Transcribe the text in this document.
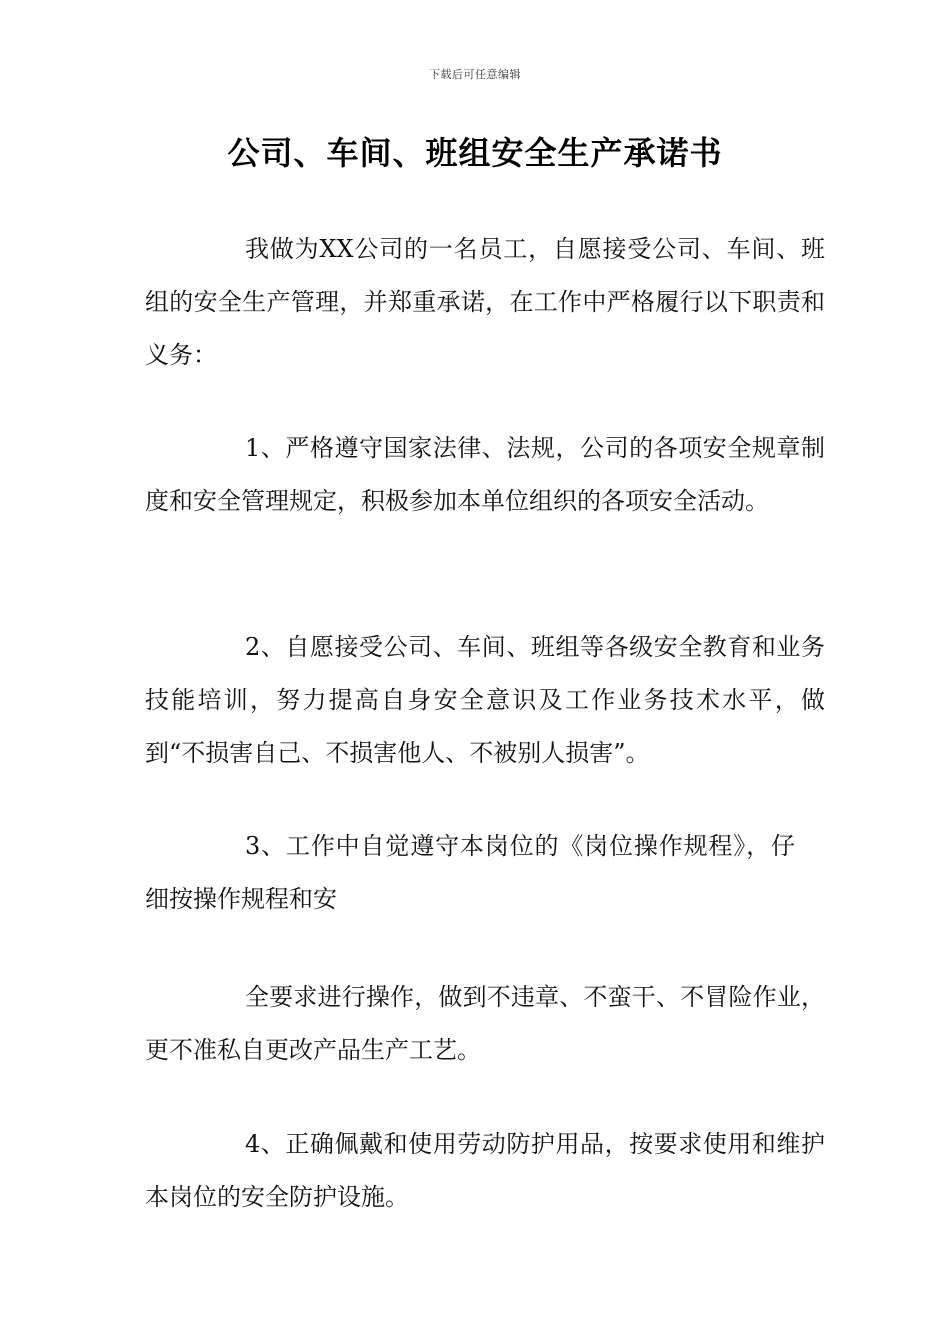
下载后可任意编辑
公司、车间、班组安全生产承诺书

我做为XX公司的一名员工，自愿接受公司、车间、班组的安全生产管理，并郑重承诺，在工作中严格履行以下职责和义务：

1、严格遵守国家法律、法规，公司的各项安全规章制度和安全管理规定，积极参加本单位组织的各项安全活动。

2、自愿接受公司、车间、班组等各级安全教育和业务技能培训，努力提高自身安全意识及工作业务技术水平，做到“不损害自己、不损害他人、不被别人损害”。

3、工作中自觉遵守本岗位的《岗位操作规程》，仔细按操作规程和安

全要求进行操作，做到不违章、不蛮干、不冒险作业，更不准私自更改产品生产工艺。

4、正确佩戴和使用劳动防护用品，按要求使用和维护本岗位的安全防护设施。
